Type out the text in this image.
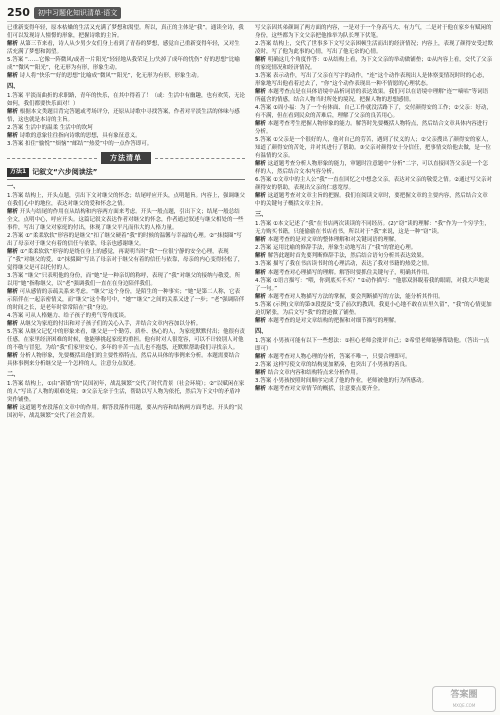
250	初中习题化知识清单·语文
已重新变得年轻，原本枯燥的生活又充满了梦想和渴望。所以，真正的主体是“我”。通读全诗，我们可以发现诗人憧憬的形象，把握诗歌的主旨。
解析 从第三节来看，诗人从少男少女们身上看到了青春的梦想，感觉自己重新变得年轻，又对生活充满了梦想和渴望。
5.答案 “……它像一阵微风/或者一片阳光”轻轻地从我荣足上/失掉了成年的忧伤” 好的思想“比喻成”“微风”“阳光”，化无形为有形，形象生动。
解析 诗人将“快乐”“好的思想”比喻成“微风”“阳光”，化无形为有形，形象生动。
四、
1.答案 平淡而曲折的求职路，青年的快乐，在其中得着了！（或：生活中有幽趣，也有欢笑，无论如何，我们都要快乐面对！）
解析 根据本文类题目背完答题或考场评分，还原从诗歌中寻找答案，作者对平淡生活的体味与感悟，这也就是本诗的主旨。
2.答案 生活中的温柔 生活中的坎坷
解析 诗歌的意象往往指向诗歌的思想，具有象征意义。
3.答案 扣住“愉悦”“烦恼”“邮结”“热爱”中的一点作答即可。
方法清单
方法1 记叙文“六步阅读法”
一、
1.答案 结构上，开头点题，引出下文对继父的怀念；结尾呼应开头，点明题旨。内容上，强调继父在我们心中的地位，表达对继父的爱和怀念之情。
解析 开头与结尾的作用在从结构和内容两方面来考虑。开头一般点题，引出下文；结尾一般总结全文，点明中心，呼应开头。这篇记叙文表达作者对继父的怀念，作者通过叙述与继父相处的一些事件，写出了继父对家庭的付出，体现了继父平凡而伟大的人格力量。
2.答案 ①“柔柔软软”形容的是继父“扣了继父硬着”我“的时候的温馨与幸福的心理。②“抹掇圈”写出了母亲对于继父有着的信任与依靠，母亲也感谢继父。
解析 ①“柔柔软软”形容的是绕在身上的感觉，再说明当时“我”一位很宁静的安全心理，表现了“我”对继父的爱。②“抹掇圈”写出了母亲对于继父有着的信任与依靠，母亲的内心变得轻松了，觉得继父是可以托付的人。
3.答案 “继父”只表明他的身份，而“她”是一种亲切的称呼，表现了“我”对继父的接纳与敬爱，所以用“她”指称继父，以“老”强调我们一直在在身边陪伴我们。
解析 可从感情的亲疏关系来考虑。“继父”这个身份，是陌生的一种事实；“她”是第二人称，它表示陪伴在一起亲密情义，而“继父”这个称号中，“她”“继父”之间的关系又进了一步；“老”强调陪伴的时间之长，是老年时常常陪在“我”身边。
4.答案 可从人格魅力、给子孩子的勇气等角度谈。
解析 从继父为家庭的付出和对子孩子们的关心入手，并结合文章内容加以分析。
5.答案 从继父记忆中的形象来看，继父是一个勤劳、质朴、热心的人，为家庭默默付出；他很有责任感，在家里经济困难的时候，他能够挑起家庭的重担。他有时对人很宽容，可以不计较别人对他的不敬与冒犯，为给“我”们家里安心，多年的辛苦一点儿也不抱怨，还默默帮助我们寻找亲人。
解析 分析人物形象，先要概括出他们的主要性格特点，然后从具体的事例来分析。本题需要结合具体事例来分析继父是一个怎样的人，注意分点叙述。
二、
1.答案 结构上，①由“新婚”的“民国初年，战乱频繁”交代了时代背景（社会环境）；②“以赋闲在家的人”写出了人物的艰难处境；③父亲无奈于生活，帮助以写人物为依托，然后为下文中的矛盾冲突作铺垫。
解析 这道题考查段落在文章中的作用。解答段落作用题，要从内容和结构两方面考虑。开头的“民国初年，战乱频繁”交代了社会背景。
写父亲因其弟颜调了两方面的内容，一是对于一个身高马大、有力气，二是对于他在家乡有赋闲的身份，这些都为下文父亲把他推举为队长埋下伏笔。
2.答案 结构上，交代了世事多下文写父亲困顿生活而出的经济情况；内容上，表现了颜得安受过欺凌时，写了他为此事的心情，写出了他无奈的心情。
解析 明确这几个角度作答：①从结构上看，为下文父亲的举动做铺垫；②从内容上看，交代了父亲的家庭情况和经济情况。
3.答案 表示动作，写出了父亲在写字的动作，“连”这个动作表现出人是体察变情况时时的心态，形象地写出他看着过去了，“你”这个动作表现出一种不情愿的心理状态。
解析 本题考查点是在具体语境中品析词语的表达效果。我们可以在语境中理解“连”“嘀咕”等词语所蕴含的情感，结合人物当时所处的境况，把握人物的思想感情。
4.答案 ①周小福：为了一个有体面、自己工作就没活路下了，交付颜得安的工作；②父亲：好动，有不满，但在看到民众的苦难后，理解了父亲的良苦用心。
解析 本题考查考生把握人物形象的能力。解答时先要概括人物特点，然后结合文章具体内容进行分析。
5.答案 ①父亲是一个很好的人，他对自己的劳苦，遇到了仗义的人；②父亲搜出了颜得安的家人，知道了颜得安的苦处，并对其进行了帮助。③父亲对颜得安十分信任，把事情交给他去做，是一位有温情的父亲。
解析 这道题考查分析人物形象的能力，审题时注意题中“分析”二字，可以直接回答父亲是一个怎样的人，然后结合文本内容分析。
6.答案 ①文章中的主人公“我”一直在回忆之中想念父亲，表达对父亲的敬爱之情。②通过写父亲对颜得安的帮助，表现出父亲的仁慈宽厚。
解析 这道题考查对文章主旨的把握。我们在阅读文章时，要把握文章的主要内容，然后结合文章中的关键句子概括文章主旨。
三、
1.答案 ①本文记述了“我”在书店两次读读的不同经历。(2)“窃”读的理解：“我”作为一个穷学生，无力购买书籍，只能偷偷在书店看书，所以对于“我”来说，这是一种“窃”读。
解析 本题考查的是对文章的整体理解和对关键词语的理解。
2.答案 运用比喻的修辞手法，形象生动地写出了“我”的窘迫心理。
解析 解答此题时首先要判断修辞手法，然后结合语句分析其表达效果。
3.答案 描写了我在书店读书时的心理活动，表达了我对书籍的热爱之情。
解析 本题考查对心理描写的理解。解答时要抓住关键句子，明确其作用。
4.答案 ①语言描写：“喂，你到底买不买？”②动作描写：“他那双斜睨着我的眼睛，对我大声地说了一句。”
解析 本题考查对人物描写方法的掌握，要会判断描写的方法，能分析其作用。
5.答案 (示例)文章的第③段提及“受了前次的教训，我更小心地不敢在店里久留”，“我”的心情更加迫切紧张，为后文写“我”的窘迫做了铺垫。
解析 本题考查的是对文章结构的把握和对细节描写的理解。
四、
1.答案 小男孩可能有以下一些想法：①担心老师会批评自己；②希望老师能够帮助他。（答出一点即可）
解析 本题考查对人物心理的分析，答案不唯一，只要合理即可。
2.答案 这样写使文章的结构更加紧凑，也突出了小男孩的善良。
解析 结合文章内容和结构特点来分析作用。
3.答案 小男孩按照时间顺序完成了他的作业，老师被他的行为所感动。
解析 本题考查对文章情节的概括，注意要点要齐全。
答案圈
MXQE.COM
